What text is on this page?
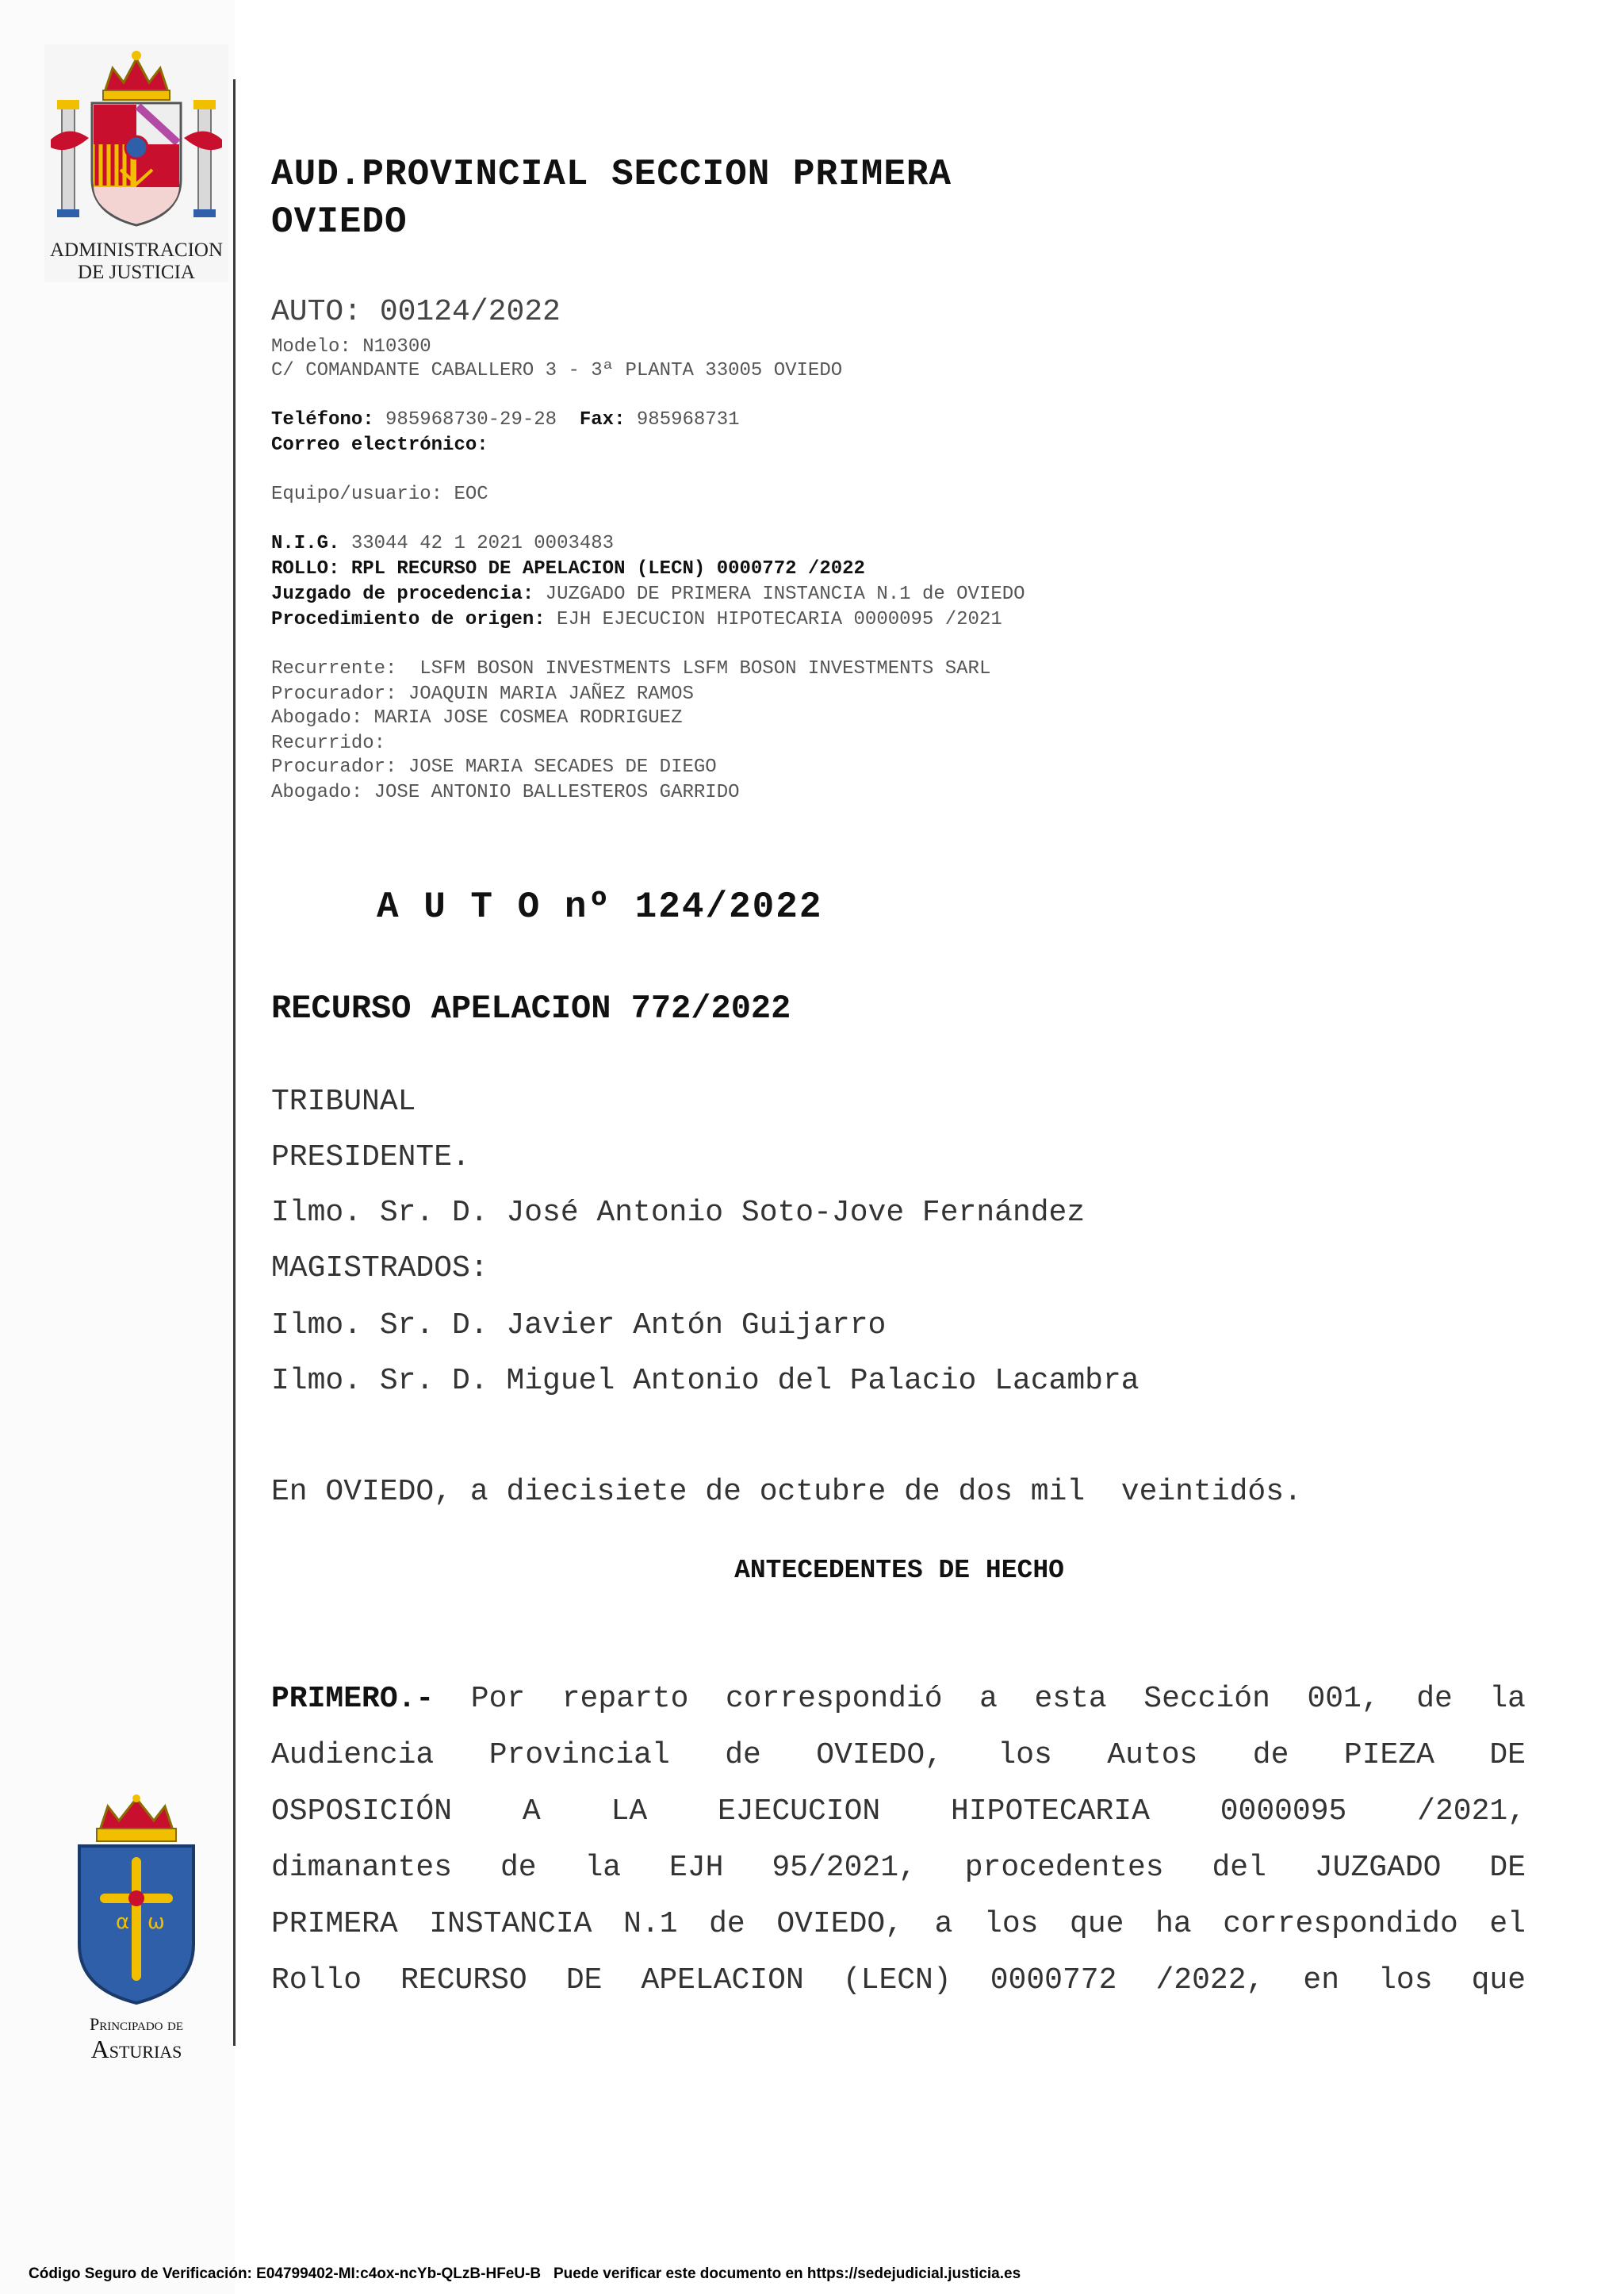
ADMINISTRACION
DE JUSTICIA
AUD.PROVINCIAL SECCION PRIMERA
OVIEDO
AUTO: 00124/2022
Modelo: N10300
C/ COMANDANTE CABALLERO 3 - 3ª PLANTA 33005 OVIEDO
Teléfono: 985968730-29-28  Fax: 985968731
Correo electrónico:
Equipo/usuario: EOC
N.I.G. 33044 42 1 2021 0003483
ROLLO: RPL RECURSO DE APELACION (LECN) 0000772 /2022
Juzgado de procedencia: JUZGADO DE PRIMERA INSTANCIA N.1 de OVIEDO
Procedimiento de origen: EJH EJECUCION HIPOTECARIA 0000095 /2021
Recurrente:  LSFM BOSON INVESTMENTS LSFM BOSON INVESTMENTS SARL
Procurador: JOAQUIN MARIA JAÑEZ RAMOS
Abogado: MARIA JOSE COSMEA RODRIGUEZ
Recurrido:
Procurador: JOSE MARIA SECADES DE DIEGO
Abogado: JOSE ANTONIO BALLESTEROS GARRIDO
A U T O nº 124/2022
RECURSO APELACION 772/2022
TRIBUNAL
PRESIDENTE.
Ilmo. Sr. D. José Antonio Soto-Jove Fernández
MAGISTRADOS:
Ilmo. Sr. D. Javier Antón Guijarro
Ilmo. Sr. D. Miguel Antonio del Palacio Lacambra
En OVIEDO, a diecisiete de octubre de dos mil  veintidós.
ANTECEDENTES DE HECHO
PRIMERO.- Por reparto correspondió a esta Sección 001, de la
Audiencia Provincial de OVIEDO, los Autos de PIEZA DE
OSPOSICIÓN A LA EJECUCION HIPOTECARIA 0000095 /2021,
dimanantes de la EJH 95/2021, procedentes del JUZGADO DE
PRIMERA INSTANCIA N.1 de OVIEDO, a los que ha correspondido el
Rollo RECURSO DE APELACION (LECN) 0000772 /2022, en los que
α ω
Principado de
Asturias
Código Seguro de Verificación: E04799402-MI:c4ox-ncYb-QLzB-HFeU-B   Puede verificar este documento en https://sedejudicial.justicia.es
